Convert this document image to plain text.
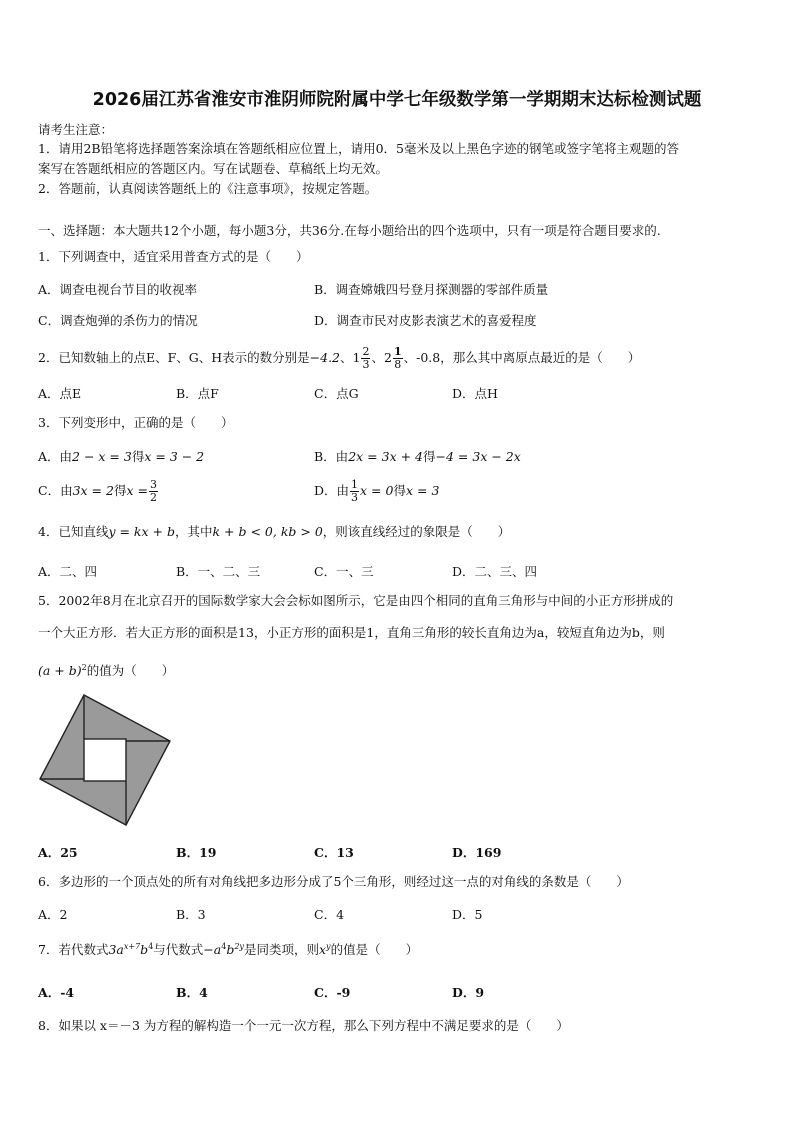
2026届江苏省淮安市淮阴师院附属中学七年级数学第一学期期末达标检测试题
请考生注意：
1．请用2B铅笔将选择题答案涂填在答题纸相应位置上，请用0．5毫米及以上黑色字迹的钢笔或签字笔将主观题的答
案写在答题纸相应的答题区内。写在试题卷、草稿纸上均无效。
2．答题前，认真阅读答题纸上的《注意事项》，按规定答题。
一、选择题：本大题共12个小题，每小题3分，共36分.在每小题给出的四个选项中，只有一项是符合题目要求的.
1．下列调查中，适宜采用普查方式的是（　　）
A．调查电视台节目的收视率	B．调查嫦娥四号登月探测器的零部件质量
C．调查炮弹的杀伤力的情况	D．调查市民对皮影表演艺术的喜爱程度
2．已知数轴上的点E、F、G、H表示的数分别是−4.2、$1 \frac{2}{3}$ 、$2 \frac{1}{8}$ 、-0.8，那么其中离原点最近的是（　　）
A．点E	B．点F	C．点G	D．点H
3．下列变形中，正确的是（　　）
A．由2 − x = 3得x = 3 − 2	B．由2x = 3x + 4得−4 = 3x − 2x
C．由3x = 2得$x = \frac{3}{2}$	D．由 $\frac{1}{3}$ x = 0得x = 3
4．已知直线y = kx + b，其中k + b < 0, kb > 0，则该直线经过的象限是（　　）
A．二、四	B．一、二、三	C．一、三	D．二、三、四
5．2002年8月在北京召开的国际数学家大会会标如图所示，它是由四个相同的直角三角形与中间的小正方形拼成的
一个大正方形．若大正方形的面积是13，小正方形的面积是1，直角三角形的较长直角边为a，较短直角边为b，则
$(a + b)^2$的值为（　　）
A．25	B．19	C．13	D．169
6．多边形的一个顶点处的所有对角线把多边形分成了5个三角形，则经过这一点的对角线的条数是（　　）
A．2	B．3	C．4	D．5
7．若代数式$3a^{x+7}b^4$与代数式$-a^4b^{2y}$是同类项，则$x^y$的值是（　　）
A．-4	B．4	C．-9	D．9
8．如果以 x＝－3 为方程的解构造一个一元一次方程，那么下列方程中不满足要求的是（　　）
